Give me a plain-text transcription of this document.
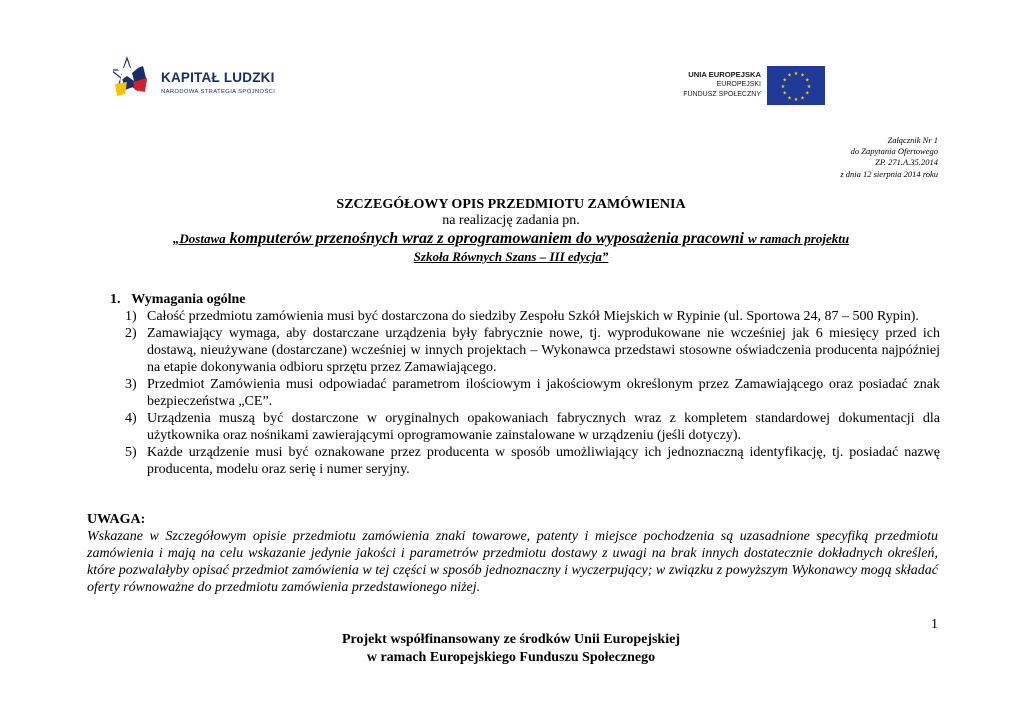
KAPITAŁ LUDZKI
NARODOWA STRATEGIA SPÓJNOŚCI
UNIA EUROPEJSKA
EUROPEJSKI
FUNDUSZ SPOŁECZNY
★ ★
★
★
★
★
★
★
★
★
★
★
Załącznik Nr 1
do Zapytania Ofertowego
ZP. 271.A.35.2014
z dnia 12 sierpnia 2014 roku
SZCZEGÓŁOWY OPIS PRZEDMIOTU ZAMÓWIENIA
na realizację zadania pn.
„Dostawa komputerów przenośnych wraz z oprogramowaniem do wyposażenia pracowni w ramach projektu
Szkoła Równych Szans – III edycja”
1. Wymagania ogólne
1) Całość przedmiotu zamówienia musi być dostarczona do siedziby Zespołu Szkół Miejskich w Rypinie (ul. Sportowa 24, 87 – 500 Rypin).
2) Zamawiający wymaga, aby dostarczane urządzenia były fabrycznie nowe, tj. wyprodukowane nie wcześniej jak 6 miesięcy przed ich dostawą, nieużywane (dostarczane) wcześniej w innych projektach – Wykonawca przedstawi stosowne oświadczenia producenta najpóźniej na etapie dokonywania odbioru sprzętu przez Zamawiającego.
3) Przedmiot Zamówienia musi odpowiadać parametrom ilościowym i jakościowym określonym przez Zamawiającego oraz posiadać znak bezpieczeństwa „CE”.
4) Urządzenia muszą być dostarczone w oryginalnych opakowaniach fabrycznych wraz z kompletem standardowej dokumentacji dla użytkownika oraz nośnikami zawierającymi oprogramowanie zainstalowane w urządzeniu (jeśli dotyczy).
5) Każde urządzenie musi być oznakowane przez producenta w sposób umożliwiający ich jednoznaczną identyfikację, tj. posiadać nazwę producenta, modelu oraz serię i numer seryjny.
UWAGA:
Wskazane w Szczegółowym opisie przedmiotu zamówienia znaki towarowe, patenty i miejsce pochodzenia są uzasadnione specyfiką przedmiotu zamówienia i mają na celu wskazanie jedynie jakości i parametrów przedmiotu dostawy z uwagi na brak innych dostatecznie dokładnych określeń, które pozwalałyby opisać przedmiot zamówienia w tej części w sposób jednoznaczny i wyczerpujący; w związku z powyższym Wykonawcy mogą składać oferty równoważne do przedmiotu zamówienia przedstawionego niżej.
1
Projekt współfinansowany ze środków Unii Europejskiej
w ramach Europejskiego Funduszu Społecznego
